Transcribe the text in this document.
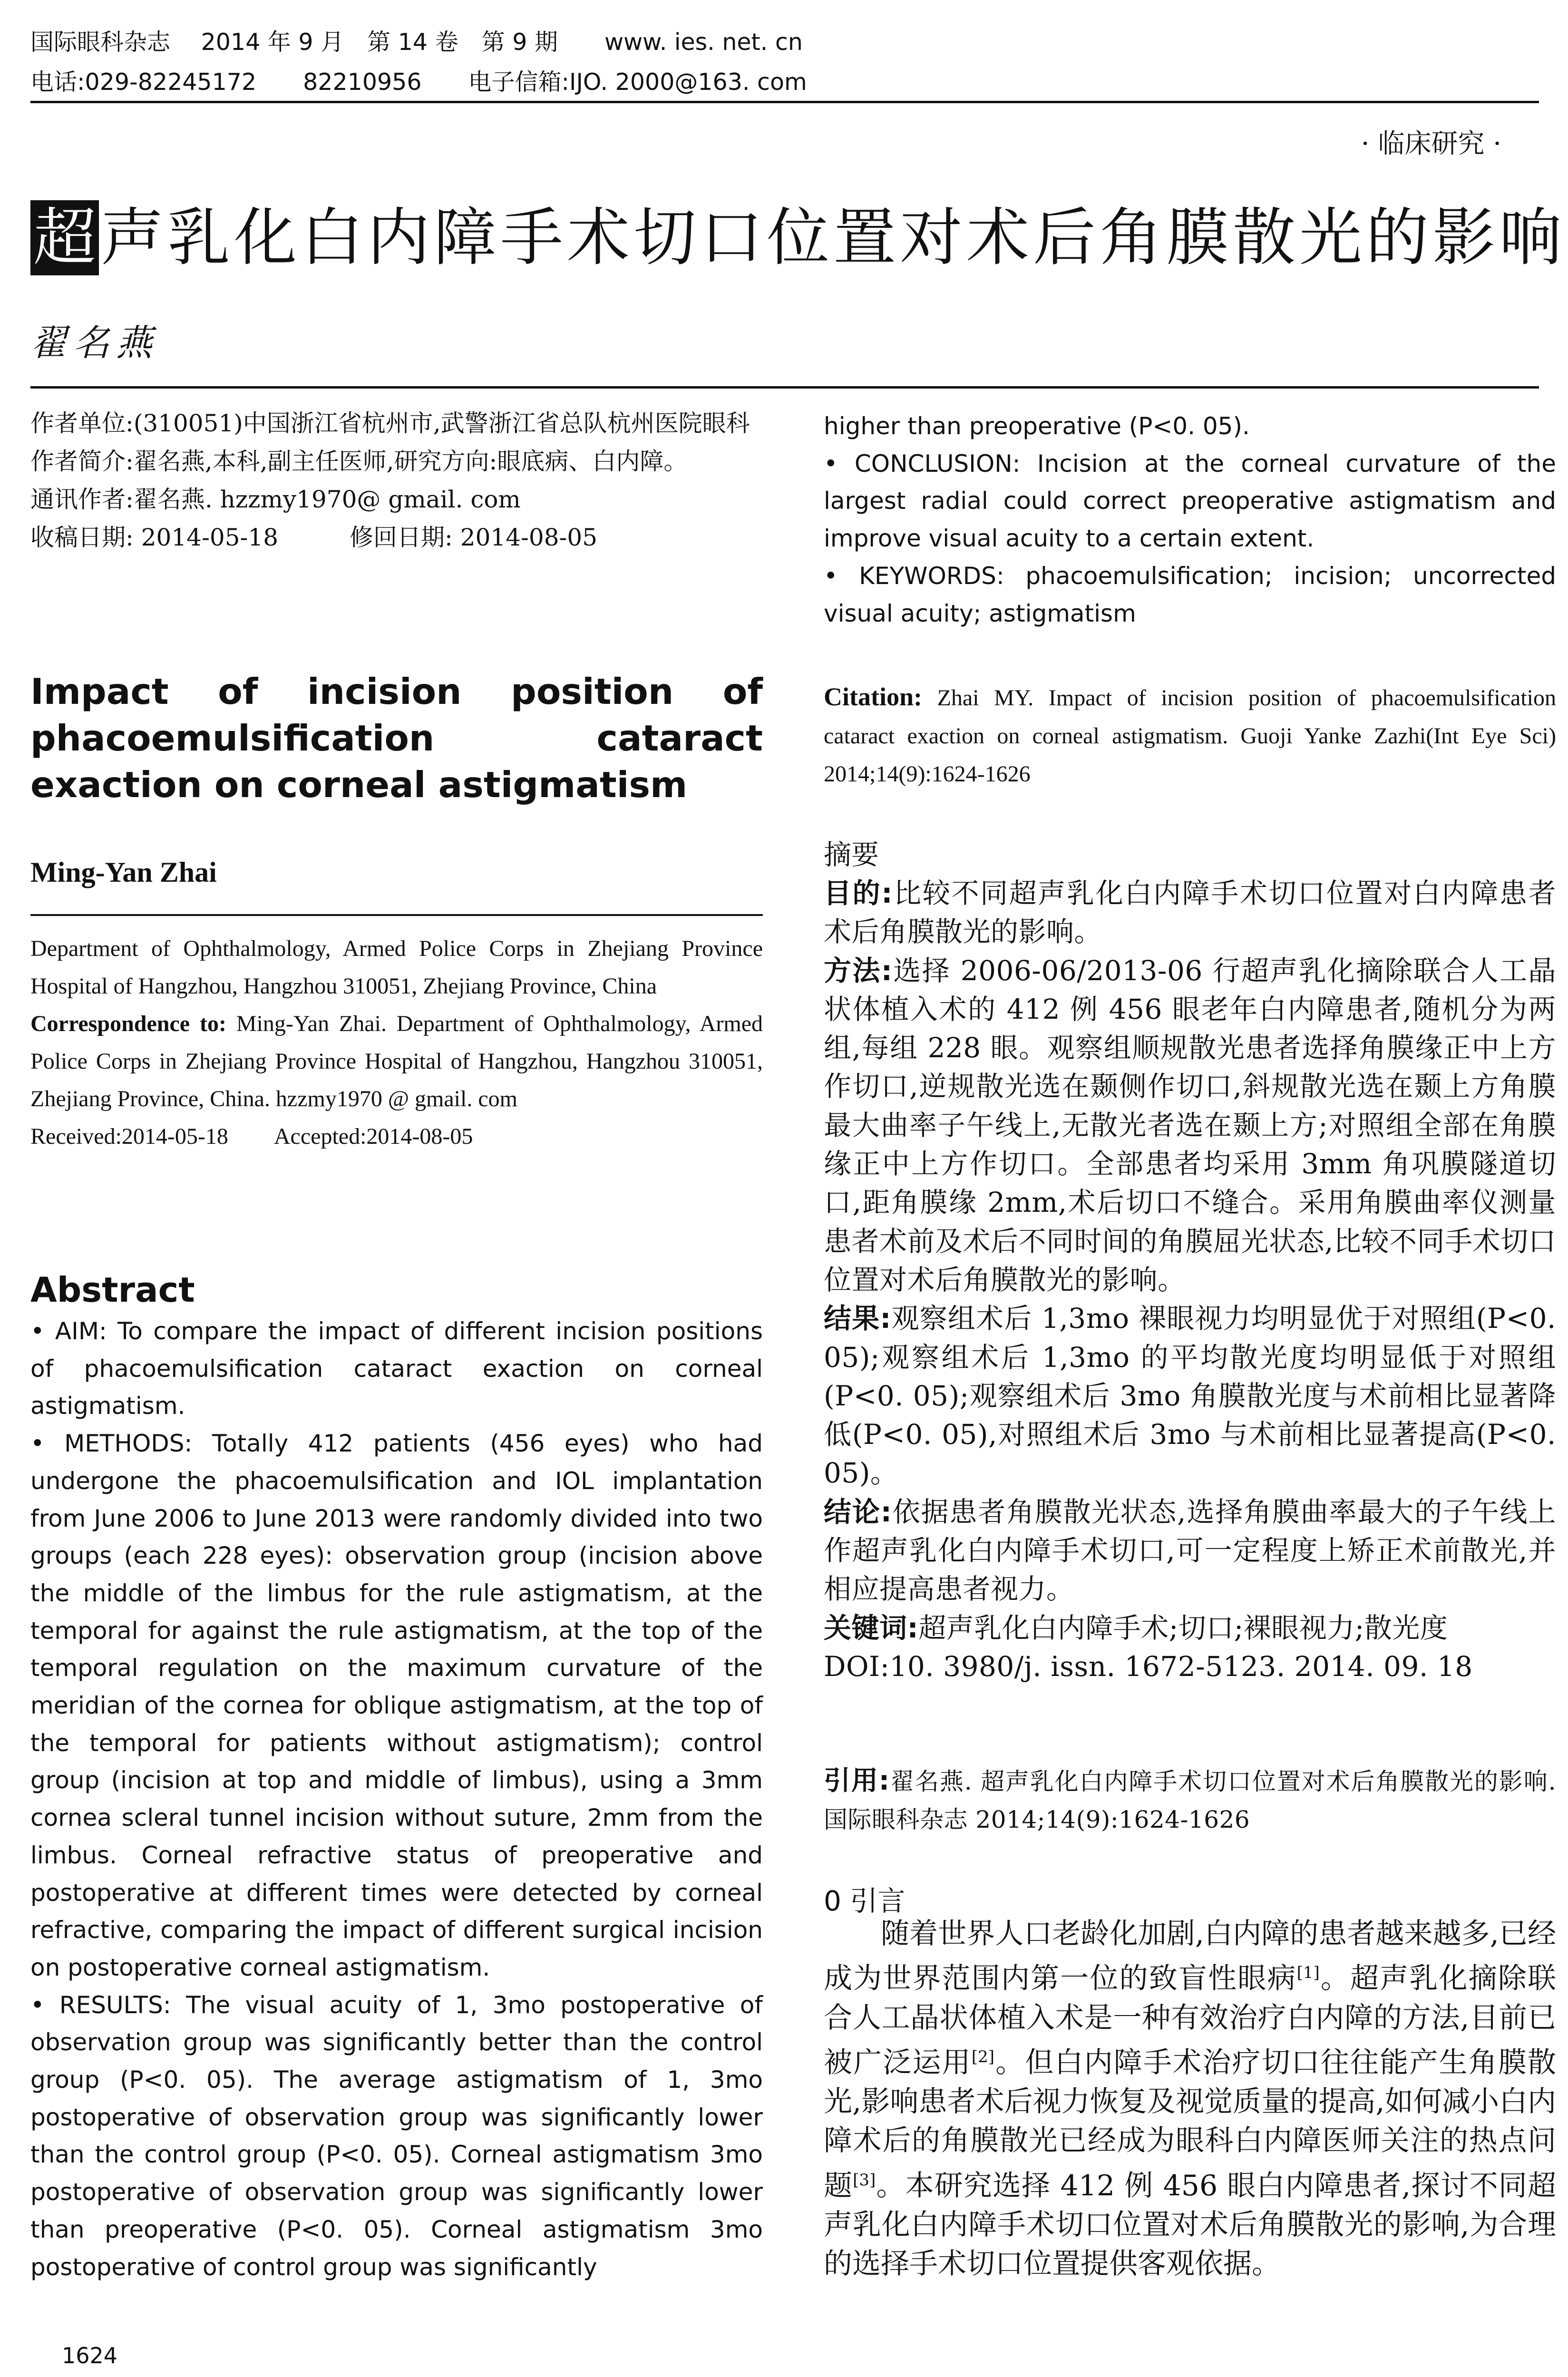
国际眼科杂志　 2014 年 9 月　第 14 卷　第 9 期　　www. ies. net. cn
电话:029-82245172　　82210956　　电子信箱:IJO. 2000@163. com
· 临床研究 ·
超 声乳化白内障手术切口位置对术后角膜散光的影响
翟名燕

作者单位:(310051)中国浙江省杭州市,武警浙江省总队杭州医院眼科

作者简介:翟名燕,本科,副主任医师,研究方向:眼底病、白内障。

通讯作者:翟名燕. hzzmy1970@ gmail. com

收稿日期: 2014-05-18　　　修回日期: 2014-08-05

Impact of incision position of phacoemulsification cataract exaction on corneal astigmatism
Ming-Yan Zhai

Department of Ophthalmology, Armed Police Corps in Zhejiang Province Hospital of Hangzhou, Hangzhou 310051, Zhejiang Province, China

Correspondence to: Ming-Yan Zhai. Department of Ophthalmology, Armed Police Corps in Zhejiang Province Hospital of Hangzhou, Hangzhou 310051, Zhejiang Province, China. hzzmy1970 @ gmail. com

Received:2014-05-18　　Accepted:2014-08-05

Abstract

• AIM: To compare the impact of different incision positions of phacoemulsification cataract exaction on corneal astigmatism.

• METHODS: Totally 412 patients (456 eyes) who had undergone the phacoemulsification and IOL implantation from June 2006 to June 2013 were randomly divided into two groups (each 228 eyes): observation group (incision above the middle of the limbus for the rule astigmatism, at the temporal for against the rule astigmatism, at the top of the temporal regulation on the maximum curvature of the meridian of the cornea for oblique astigmatism, at the top of the temporal for patients without astigmatism); control group (incision at top and middle of limbus), using a 3mm cornea scleral tunnel incision without suture, 2mm from the limbus. Corneal refractive status of preoperative and postoperative at different times were detected by corneal refractive, comparing the impact of different surgical incision on postoperative corneal astigmatism.

• RESULTS: The visual acuity of 1, 3mo postoperative of observation group was significantly better than the control group (P<0. 05). The average astigmatism of 1, 3mo postoperative of observation group was significantly lower than the control group (P<0. 05). Corneal astigmatism 3mo postoperative of observation group was significantly lower than preoperative (P<0. 05). Corneal astigmatism 3mo postoperative of control group was significantly

higher than preoperative (P<0. 05).

• CONCLUSION: Incision at the corneal curvature of the largest radial could correct preoperative astigmatism and improve visual acuity to a certain extent.

• KEYWORDS: phacoemulsification; incision; uncorrected visual acuity; astigmatism

Citation: Zhai MY. Impact of incision position of phacoemulsification cataract exaction on corneal astigmatism. Guoji Yanke Zazhi(Int Eye Sci) 2014;14(9):1624-1626

摘要

目的:比较不同超声乳化白内障手术切口位置对白内障患者术后角膜散光的影响。

方法:选择 2006-06/2013-06 行超声乳化摘除联合人工晶状体植入术的 412 例 456 眼老年白内障患者,随机分为两组,每组 228 眼。观察组顺规散光患者选择角膜缘正中上方作切口,逆规散光选在颞侧作切口,斜规散光选在颞上方角膜最大曲率子午线上,无散光者选在颞上方;对照组全部在角膜缘正中上方作切口。全部患者均采用 3mm 角巩膜隧道切口,距角膜缘 2mm,术后切口不缝合。采用角膜曲率仪测量患者术前及术后不同时间的角膜屈光状态,比较不同手术切口位置对术后角膜散光的影响。

结果:观察组术后 1,3mo 裸眼视力均明显优于对照组(P<0. 05);观察组术后 1,3mo 的平均散光度均明显低于对照组(P<0. 05);观察组术后 3mo 角膜散光度与术前相比显著降低(P<0. 05),对照组术后 3mo 与术前相比显著提高(P<0. 05)。

结论:依据患者角膜散光状态,选择角膜曲率最大的子午线上作超声乳化白内障手术切口,可一定程度上矫正术前散光,并相应提高患者视力。

关键词:超声乳化白内障手术;切口;裸眼视力;散光度

DOI:10. 3980/j. issn. 1672-5123. 2014. 09. 18

引用:翟名燕. 超声乳化白内障手术切口位置对术后角膜散光的影响. 国际眼科杂志 2014;14(9):1624-1626

0 引言

随着世界人口老龄化加剧,白内障的患者越来越多,已经成为世界范围内第一位的致盲性眼病[1]。超声乳化摘除联合人工晶状体植入术是一种有效治疗白内障的方法,目前已被广泛运用[2]。但白内障手术治疗切口往往能产生角膜散光,影响患者术后视力恢复及视觉质量的提高,如何减小白内障术后的角膜散光已经成为眼科白内障医师关注的热点问题[3]。本研究选择 412 例 456 眼白内障患者,探讨不同超声乳化白内障手术切口位置对术后角膜散光的影响,为合理的选择手术切口位置提供客观依据。

1624
